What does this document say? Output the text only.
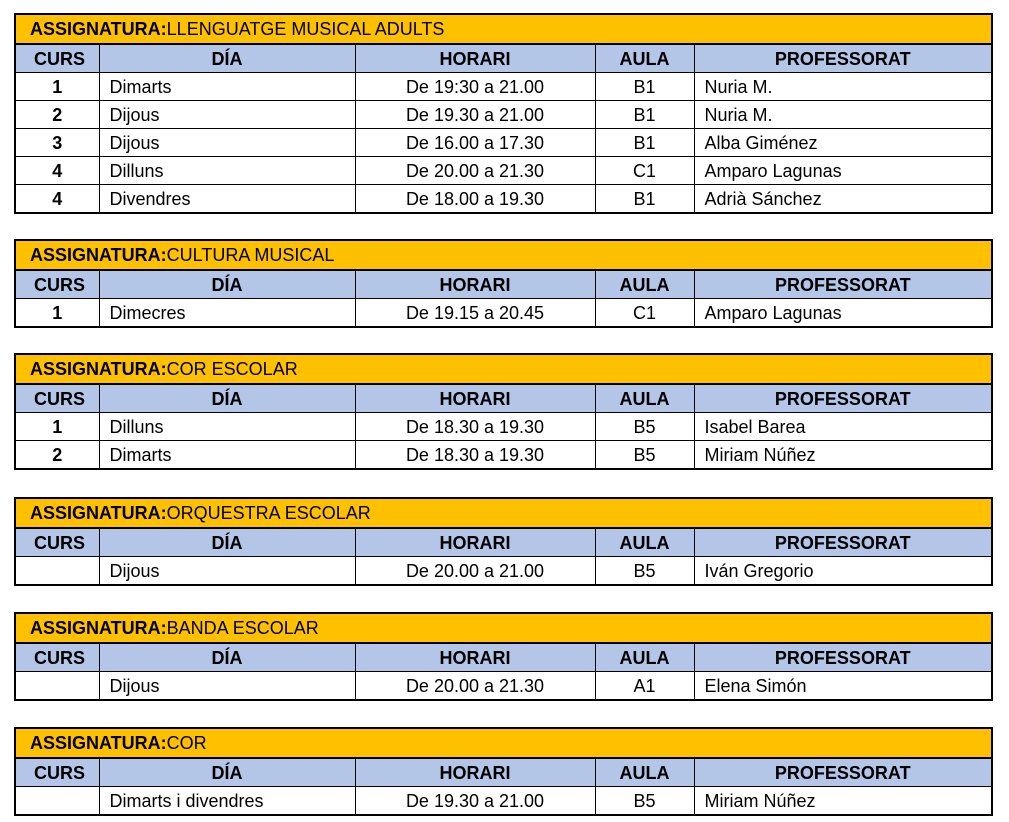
ASSIGNATURA:LLENGUATGE MUSICAL ADULTS				
CURS	DÍA	HORARI	AULA	PROFESSORAT
1	Dimarts	De 19:30 a 21.00	B1	Nuria M.
2	Dijous	De 19.30 a 21.00	B1	Nuria M.
3	Dijous	De 16.00 a 17.30	B1	Alba Giménez
4	Dilluns	De 20.00 a 21.30	C1	Amparo Lagunas
4	Divendres	De 18.00 a 19.30	B1	Adrià Sánchez
ASSIGNATURA:CULTURA MUSICAL				
CURS	DÍA	HORARI	AULA	PROFESSORAT
1	Dimecres	De 19.15 a 20.45	C1	Amparo Lagunas
ASSIGNATURA:COR ESCOLAR				
CURS	DÍA	HORARI	AULA	PROFESSORAT
1	Dilluns	De 18.30 a 19.30	B5	Isabel Barea
2	Dimarts	De 18.30 a 19.30	B5	Miriam Núñez
ASSIGNATURA:ORQUESTRA ESCOLAR				
CURS	DÍA	HORARI	AULA	PROFESSORAT
	Dijous	De 20.00 a 21.00	B5	Iván Gregorio
ASSIGNATURA:BANDA ESCOLAR				
CURS	DÍA	HORARI	AULA	PROFESSORAT
	Dijous	De 20.00 a 21.30	A1	Elena Simón
ASSIGNATURA:COR				
CURS	DÍA	HORARI	AULA	PROFESSORAT
	Dimarts i divendres	De 19.30 a 21.00	B5	Miriam Núñez
